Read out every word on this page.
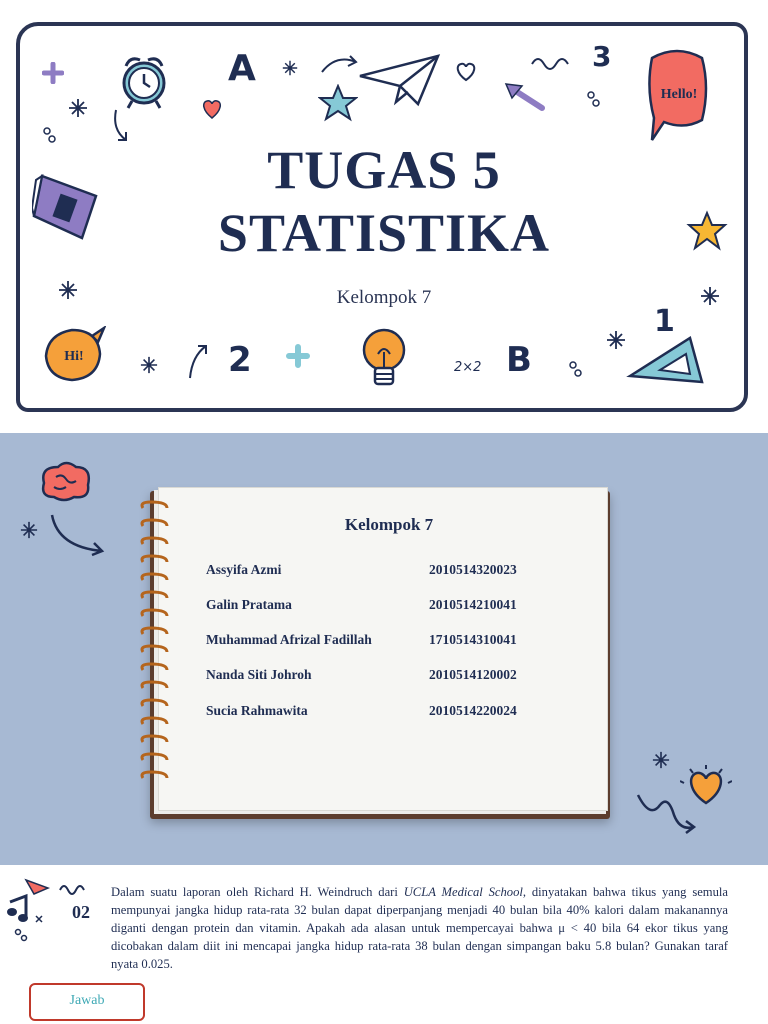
A	3
Hello!
Hi!	2	2×2 B
1
TUGAS 5
STATISTIKA
Kelompok 7
Kelompok 7
Assyifa Azmi	2010514320023
Galin Pratama	2010514210041
Muhammad Afrizal Fadillah	1710514310041
Nanda Siti Johroh	2010514120002
Sucia Rahmawita	2010514220024
02

Dalam suatu laporan oleh Richard H. Weindruch dari UCLA Medical School, dinyatakan bahwa tikus yang semula mempunyai jangka hidup rata-rata 32 bulan dapat diperpanjang menjadi 40 bulan bila 40% kalori dalam makanannya diganti dengan protein dan vitamin. Apakah ada alasan untuk mempercayai bahwa μ < 40 bila 64 ekor tikus yang dicobakan dalam diit ini mencapai jangka hidup rata-rata 38 bulan dengan simpangan baku 5.8 bulan? Gunakan taraf nyata 0.025.

Jawab
